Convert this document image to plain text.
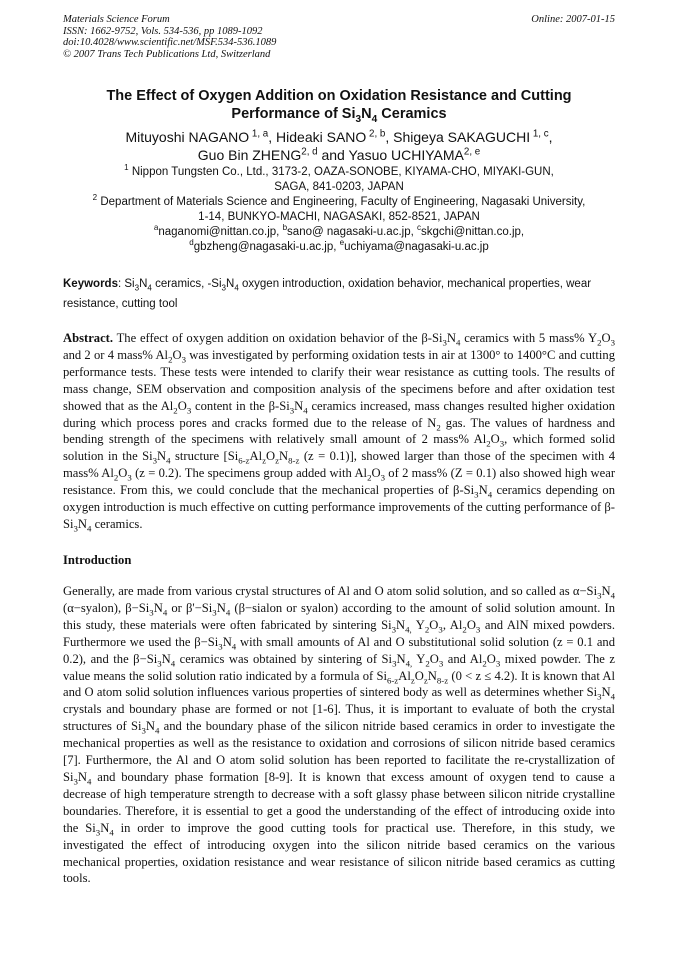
Materials Science Forum
ISSN: 1662-9752, Vols. 534-536, pp 1089-1092
doi:10.4028/www.scientific.net/MSF.534-536.1089
© 2007 Trans Tech Publications Ltd, Switzerland
Online: 2007-01-15
The Effect of Oxygen Addition on Oxidation Resistance and Cutting
Performance of $Si_3N_4$ Ceramics
Mituyoshi NAGANO $^{1, a}$, Hideaki SANO $^{2, b}$, Shigeya SAKAGUCHI $^{1, c}$,
Guo Bin ZHENG$^{2, d}$ and Yasuo UCHIYAMA$^{2, e}$
$^1$ Nippon Tungsten Co., Ltd., 3173-2, OAZA-SONOBE, KIYAMA-CHO, MIYAKI-GUN,
SAGA, 841-0203, JAPAN
$^2$ Department of Materials Science and Engineering, Faculty of Engineering, Nagasaki University,
1-14, BUNKYO-MACHI, NAGASAKI, 852-8521, JAPAN
$^a$naganomi@nittan.co.jp, $^b$sano@ nagasaki-u.ac.jp, $^c$skgchi@nittan.co.jp,
$^d$gbzheng@nagasaki-u.ac.jp, $^e$uchiyama@nagasaki-u.ac.jp
Keywords: $Si_3N_4$ ceramics, $-Si_3N_4$ oxygen introduction, oxidation behavior, mechanical properties, wear resistance, cutting tool
Abstract. The effect of oxygen addition on oxidation behavior of the $\beta-Si_3N_4$ ceramics with 5 mass% $Y_2O_3$ and 2 or 4 mass% $Al_2O_3$ was investigated by performing oxidation tests in air at 1300° to 1400°C and cutting performance tests. These tests were intended to clarify their wear resistance as cutting tools. The results of mass change, SEM observation and composition analysis of the specimens before and after oxidation test showed that as the $Al_2O_3$ content in the $\beta-Si_3N_4$ ceramics increased, mass changes resulted higher oxidation during which process pores and cracks formed due to the release of $N_2$ gas. The values of hardness and bending strength of the specimens with relatively small amount of 2 mass% $Al_2O_3$, which formed solid solution in the $Si_3N_4$ structure [$Si_{6-z}Al_zO_zN_{8-z}$ (z = 0.1)], showed larger than those of the specimen with 4 mass% $Al_2O_3$ (z = 0.2). The specimens group added with $Al_2O_3$ of 2 mass% (Z = 0.1) also showed high wear resistance. From this, we could conclude that the mechanical properties of $\beta-Si_3N_4$ ceramics depending on oxygen introduction is much effective on cutting performance improvements of the cutting performance of $\beta-Si_3N_4$ ceramics.
Introduction
Generally, are made from various crystal structures of Al and O atom solid solution, and so called as $\alpha-Si_3N_4$ (α−syalon), $\beta-Si_3N_4$ or $\beta'-Si_3N_4$ (β−sialon or syalon) according to the amount of solid solution amount. In this study, these materials were often fabricated by sintering $Si_3N_{4,}$ $Y_2O_3$, $Al_2O_3$ and AlN mixed powders. Furthermore we used the $\beta-Si_3N_4$ with small amounts of Al and O substitutional solid solution (z = 0.1 and 0.2), and the $\beta-Si_3N_4$ ceramics was obtained by sintering of $Si_3N_{4,}$ $Y_2O_3$ and $Al_2O_3$ mixed powder. The z value means the solid solution ratio indicated by a formula of $Si_{6-z}Al_zO_zN_{8-z}$ (0 < z ≤ 4.2). It is known that Al and O atom solid solution influences various properties of sintered body as well as determines whether $Si_3N_4$ crystals and boundary phase are formed or not [1-6]. Thus, it is important to evaluate of both the crystal structures of $Si_3N_4$ and the boundary phase of the silicon nitride based ceramics in order to investigate the mechanical properties as well as the resistance to oxidation and corrosions of silicon nitride based ceramics [7]. Furthermore, the Al and O atom solid solution has been reported to facilitate the re-crystallization of $Si_3N_4$ and boundary phase formation [8-9]. It is known that excess amount of oxygen tend to cause a decrease of high temperature strength to decrease with a soft glassy phase between silicon nitride crystalline boundaries. Therefore, it is essential to get a good the understanding of the effect of introducing oxide into the $Si_3N_4$ in order to improve the good cutting tools for practical use. Therefore, in this study, we investigated the effect of introducing oxygen into the silicon nitride based ceramics on the various mechanical properties, oxidation resistance and wear resistance of silicon nitride based ceramics as cutting tools.
